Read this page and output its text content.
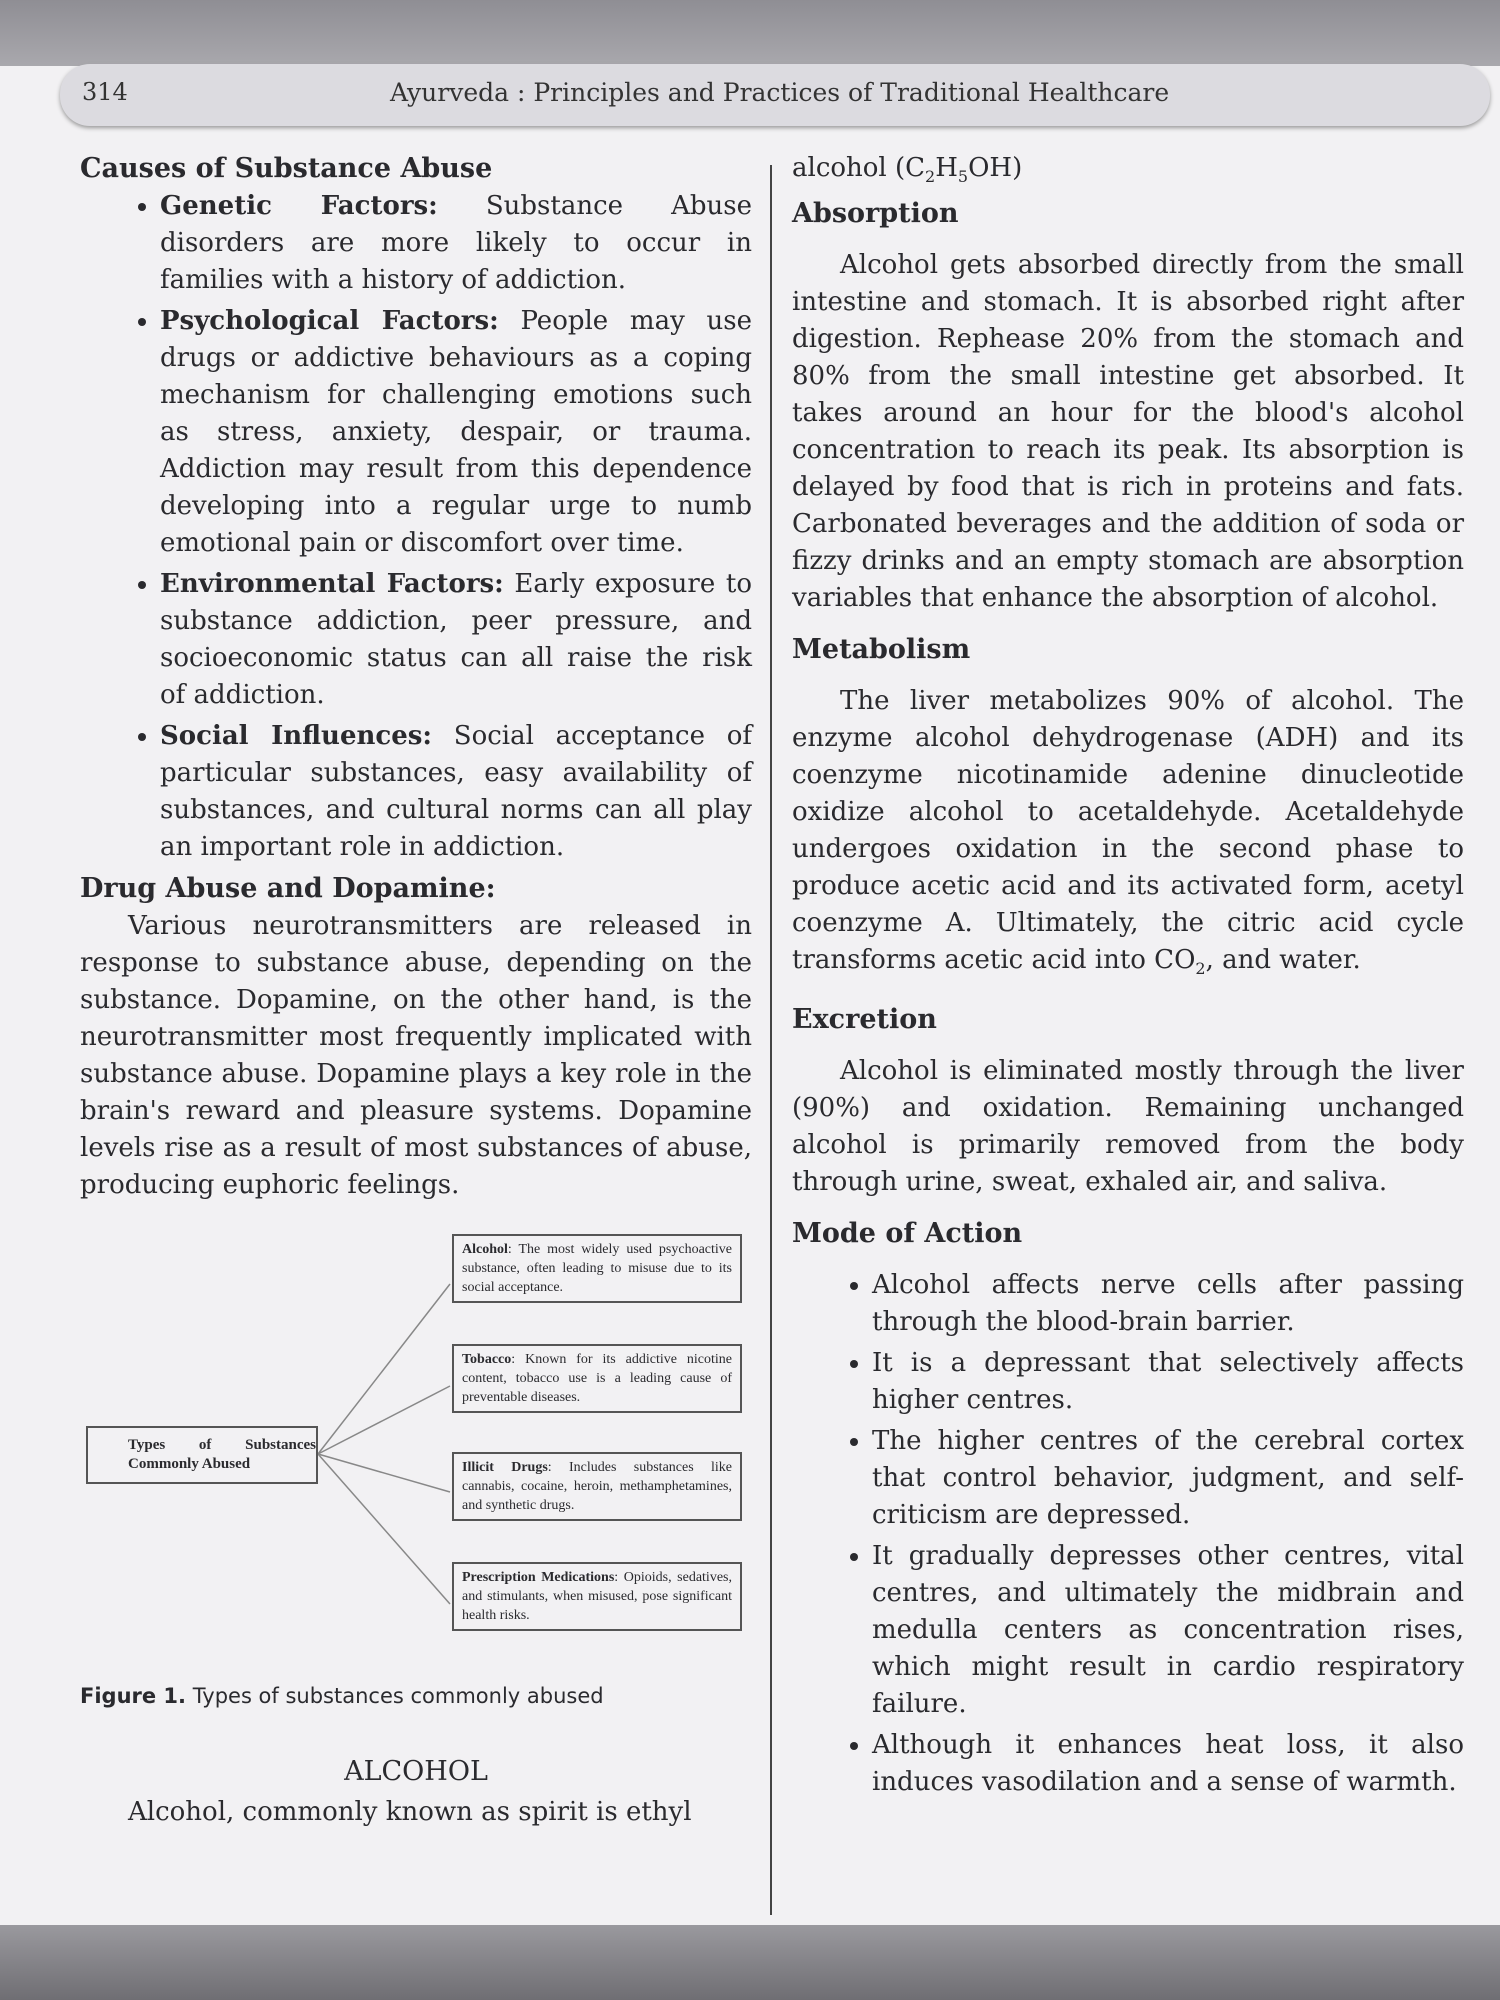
314	Ayurveda : Principles and Practices of Traditional Healthcare
Causes of Substance Abuse
• Genetic Factors: Substance Abuse disorders are more likely to occur in families with a history of addiction.
• Psychological Factors: People may use drugs or addictive behaviours as a coping mechanism for challenging emotions such as stress, anxiety, despair, or trauma. Addiction may result from this dependence developing into a regular urge to numb emotional pain or discomfort over time.
• Environmental Factors: Early exposure to substance addiction, peer pressure, and socioeconomic status can all raise the risk of addiction.
• Social Influences: Social acceptance of particular substances, easy availability of substances, and cultural norms can all play an important role in addiction.
Drug Abuse and Dopamine:

Various neurotransmitters are released in response to substance abuse, depending on the substance. Dopamine, on the other hand, is the neurotransmitter most frequently implicated with substance abuse. Dopamine plays a key role in the brain's reward and pleasure systems. Dopamine levels rise as a result of most substances of abuse, producing euphoric feelings.

Types of Substances Commonly Abused
Alcohol: The most widely used psychoactive substance, often leading to misuse due to its social acceptance.
Tobacco: Known for its addictive nicotine content, tobacco use is a leading cause of preventable diseases.
Illicit Drugs: Includes substances like cannabis, cocaine, heroin, methamphetamines, and synthetic drugs.
Prescription Medications: Opioids, sedatives, and stimulants, when misused, pose significant health risks.

Figure 1. Types of substances commonly abused

ALCOHOL

Alcohol, commonly known as spirit is ethyl

alcohol $(C_2H_5OH)$
Absorption

Alcohol gets absorbed directly from the small intestine and stomach. It is absorbed right after digestion. Rephease 20% from the stomach and 80% from the small intestine get absorbed. It takes around an hour for the blood's alcohol concentration to reach its peak. Its absorption is delayed by food that is rich in proteins and fats. Carbonated beverages and the addition of soda or fizzy drinks and an empty stomach are absorption variables that enhance the absorption of alcohol.

Metabolism

The liver metabolizes 90% of alcohol. The enzyme alcohol dehydrogenase (ADH) and its coenzyme nicotinamide adenine dinucleotide oxidize alcohol to acetaldehyde. Acetaldehyde undergoes oxidation in the second phase to produce acetic acid and its activated form, acetyl coenzyme A. Ultimately, the citric acid cycle transforms acetic acid into $CO_2$, and water.

Excretion

Alcohol is eliminated mostly through the liver (90%) and oxidation. Remaining unchanged alcohol is primarily removed from the body through urine, sweat, exhaled air, and saliva.

Mode of Action
• Alcohol affects nerve cells after passing through the blood-brain barrier.
• It is a depressant that selectively affects higher centres.
• The higher centres of the cerebral cortex that control behavior, judgment, and self-criticism are depressed.
• It gradually depresses other centres, vital centres, and ultimately the midbrain and medulla centers as concentration rises, which might result in cardio respiratory failure.
• Although it enhances heat loss, it also induces vasodilation and a sense of warmth.
